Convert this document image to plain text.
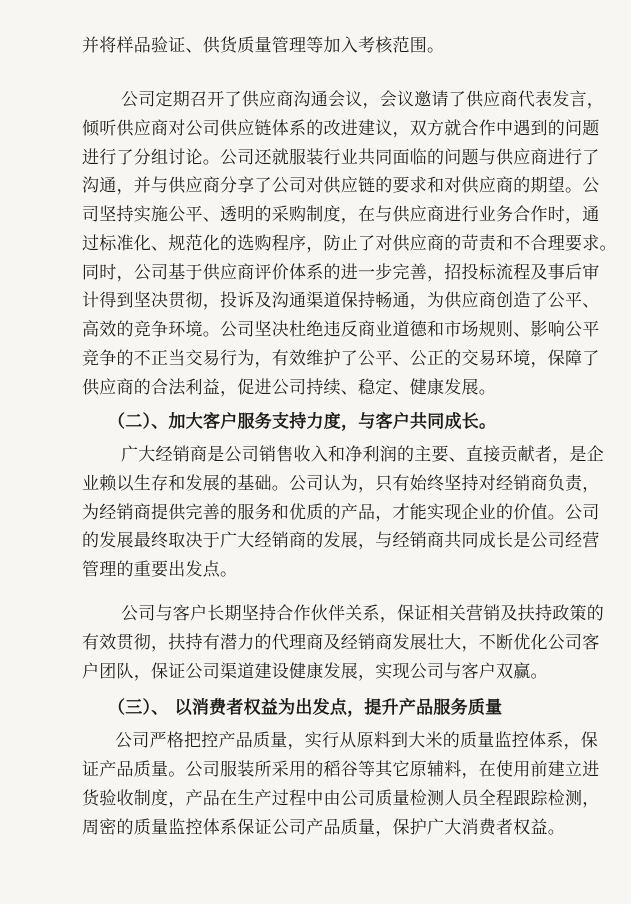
并将样品验证、供货质量管理等加入考核范围。
公司定期召开了供应商沟通会议，会议邀请了供应商代表发言，
倾听供应商对公司供应链体系的改进建议，双方就合作中遇到的问题
进行了分组讨论。公司还就服装行业共同面临的问题与供应商进行了
沟通，并与供应商分享了公司对供应链的要求和对供应商的期望。公
司坚持实施公平、透明的采购制度，在与供应商进行业务合作时，通
过标准化、规范化的选购程序，防止了对供应商的苛责和不合理要求。
同时，公司基于供应商评价体系的进一步完善，招投标流程及事后审
计得到坚决贯彻，投诉及沟通渠道保持畅通，为供应商创造了公平、
高效的竞争环境。公司坚决杜绝违反商业道德和市场规则、影响公平
竞争的不正当交易行为，有效维护了公平、公正的交易环境，保障了
供应商的合法利益，促进公司持续、稳定、健康发展。
（二）、加大客户服务支持力度，与客户共同成长。
广大经销商是公司销售收入和净利润的主要、直接贡献者，是企
业赖以生存和发展的基础。公司认为，只有始终坚持对经销商负责，
为经销商提供完善的服务和优质的产品，才能实现企业的价值。公司
的发展最终取决于广大经销商的发展，与经销商共同成长是公司经营
管理的重要出发点。
公司与客户长期坚持合作伙伴关系，保证相关营销及扶持政策的
有效贯彻，扶持有潜力的代理商及经销商发展壮大，不断优化公司客
户团队，保证公司渠道建设健康发展，实现公司与客户双赢。
（三）、 以消费者权益为出发点，提升产品服务质量
公司严格把控产品质量，实行从原料到大米的质量监控体系，保
证产品质量。公司服装所采用的稻谷等其它原辅料，在使用前建立进
货验收制度，产品在生产过程中由公司质量检测人员全程跟踪检测，
周密的质量监控体系保证公司产品质量，保护广大消费者权益。
